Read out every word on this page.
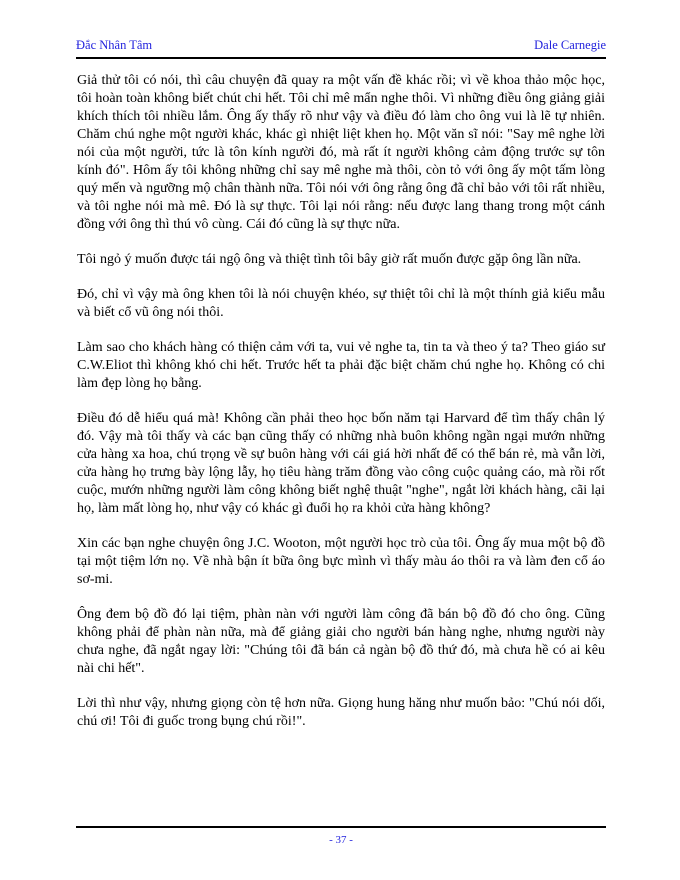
Đắc Nhân Tâm	Dale Carnegie

Giả thử tôi có nói, thì câu chuyện đã quay ra một vấn đề khác rồi; vì về khoa thảo mộc học, tôi hoàn toàn không biết chút chi hết. Tôi chỉ mê mẩn nghe thôi. Vì những điều ông giảng giải khích thích tôi nhiều lắm. Ông ấy thấy rõ như vậy và điều đó làm cho ông vui là lẽ tự nhiên. Chăm chú nghe một người khác, khác gì nhiệt liệt khen họ. Một văn sĩ nói: "Say mê nghe lời nói của một người, tức là tôn kính người đó, mà rất ít người không cảm động trước sự tôn kính đó". Hôm ấy tôi không những chỉ say mê nghe mà thôi, còn tỏ với ông ấy một tấm lòng quý mến và ngưỡng mộ chân thành nữa. Tôi nói với ông rằng ông đã chỉ bảo với tôi rất nhiều, và tôi nghe nói mà mê. Đó là sự thực. Tôi lại nói rằng: nếu được lang thang trong một cánh đồng với ông thì thú vô cùng. Cái đó cũng là sự thực nữa.

Tôi ngỏ ý muốn được tái ngộ ông và thiệt tình tôi bây giờ rất muốn được gặp ông lần nữa.

Đó, chỉ vì vậy mà ông khen tôi là nói chuyện khéo, sự thiệt tôi chỉ là một thính giả kiểu mẫu và biết cổ vũ ông nói thôi.

Làm sao cho khách hàng có thiện cảm với ta, vui vẻ nghe ta, tin ta và theo ý ta? Theo giáo sư C.W.Eliot thì không khó chi hết. Trước hết ta phải đặc biệt chăm chú nghe họ. Không có chi làm đẹp lòng họ bằng.

Điều đó dễ hiểu quá mà! Không cần phải theo học bốn năm tại Harvard để tìm thấy chân lý đó. Vậy mà tôi thấy và các bạn cũng thấy có những nhà buôn không ngần ngại mướn những cửa hàng xa hoa, chú trọng về sự buôn hàng với cái giá hời nhất để có thể bán rẻ, mà vẫn lời, cửa hàng họ trưng bày lộng lẫy, họ tiêu hàng trăm đồng vào công cuộc quảng cáo, mà rồi rốt cuộc, mướn những người làm công không biết nghệ thuật "nghe", ngắt lời khách hàng, cãi lại họ, làm mất lòng họ, như vậy có khác gì đuổi họ ra khỏi cửa hàng không?

Xin các bạn nghe chuyện ông J.C. Wooton, một người học trò của tôi. Ông ấy mua một bộ đồ tại một tiệm lớn nọ. Về nhà bận ít bữa ông bực mình vì thấy màu áo thôi ra và làm đen cổ áo sơ-mi.

Ông đem bộ đồ đó lại tiệm, phàn nàn với người làm công đã bán bộ đồ đó cho ông. Cũng không phải để phàn nàn nữa, mà để giảng giải cho người bán hàng nghe, nhưng người này chưa nghe, đã ngắt ngay lời: "Chúng tôi đã bán cả ngàn bộ đồ thứ đó, mà chưa hề có ai kêu nài chi hết".

Lời thì như vậy, nhưng giọng còn tệ hơn nữa. Giọng hung hăng như muốn bảo: "Chú nói dối, chú ơi! Tôi đi guốc trong bụng chú rồi!".

- 37 -
